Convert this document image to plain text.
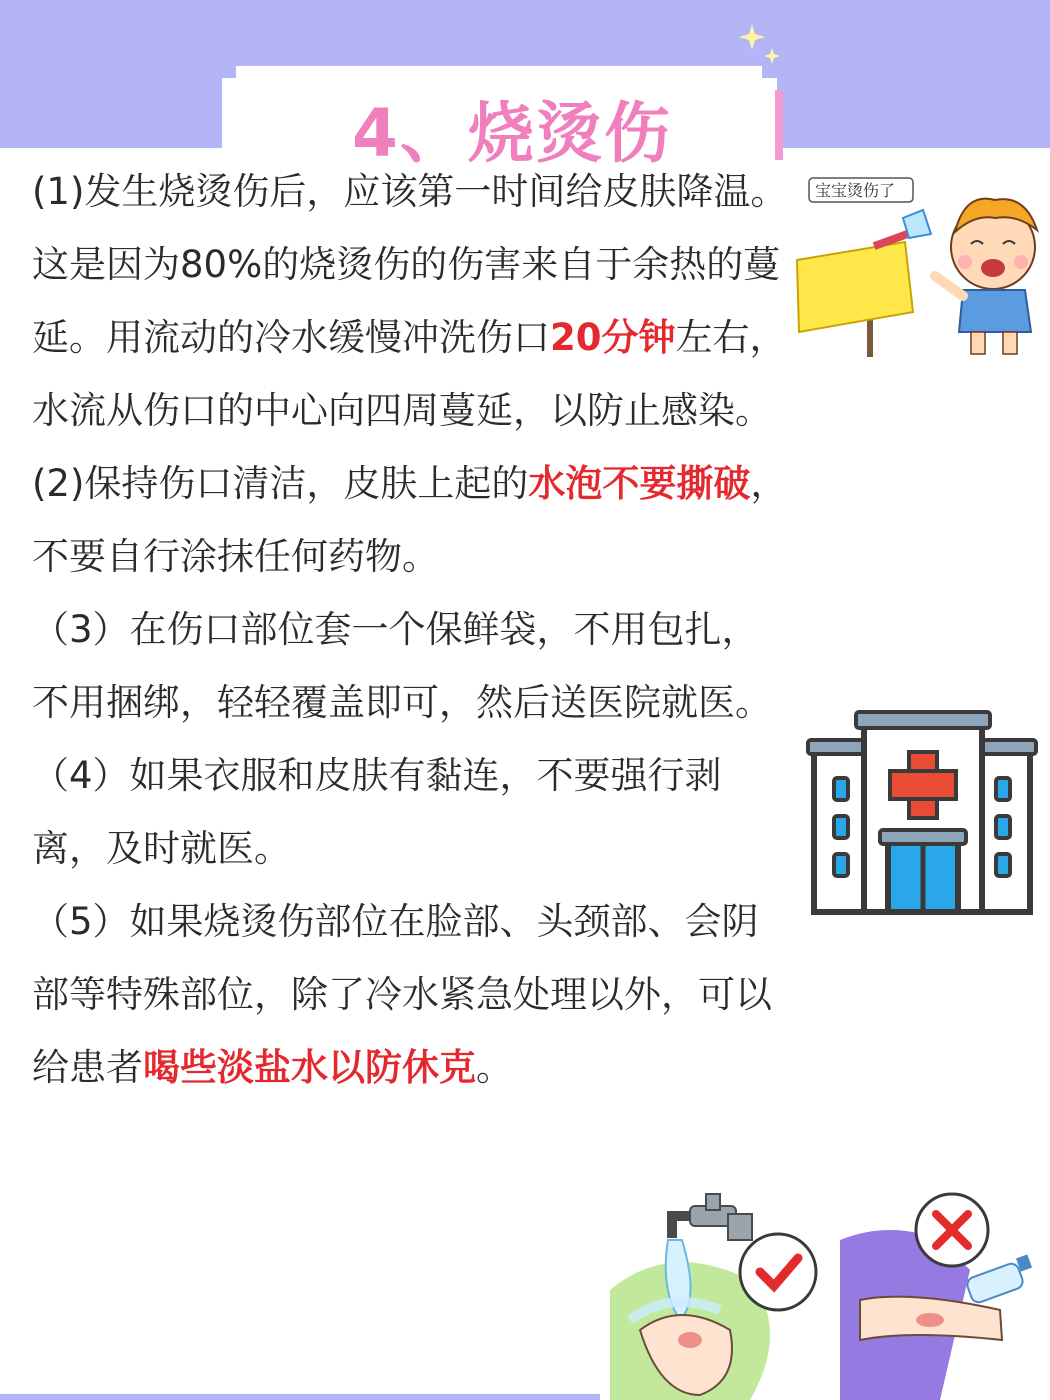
4、烧烫伤

(1)发生烧烫伤后，应该第一时间给皮肤降温。这是因为80%的烧烫伤的伤害来自于余热的蔓延。用流动的冷水缓慢冲洗伤口20分钟左右，水流从伤口的中心向四周蔓延，以防止感染。

(2)保持伤口清洁，皮肤上起的水泡不要撕破，不要自行涂抹任何药物。

（3）在伤口部位套一个保鲜袋，不用包扎，不用捆绑，轻轻覆盖即可，然后送医院就医。

（4）如果衣服和皮肤有黏连，不要强行剥离，及时就医。

（5）如果烧烫伤部位在脸部、头颈部、会阴部等特殊部位，除了冷水紧急处理以外，可以给患者喝些淡盐水以防休克。

宝宝烫伤了
